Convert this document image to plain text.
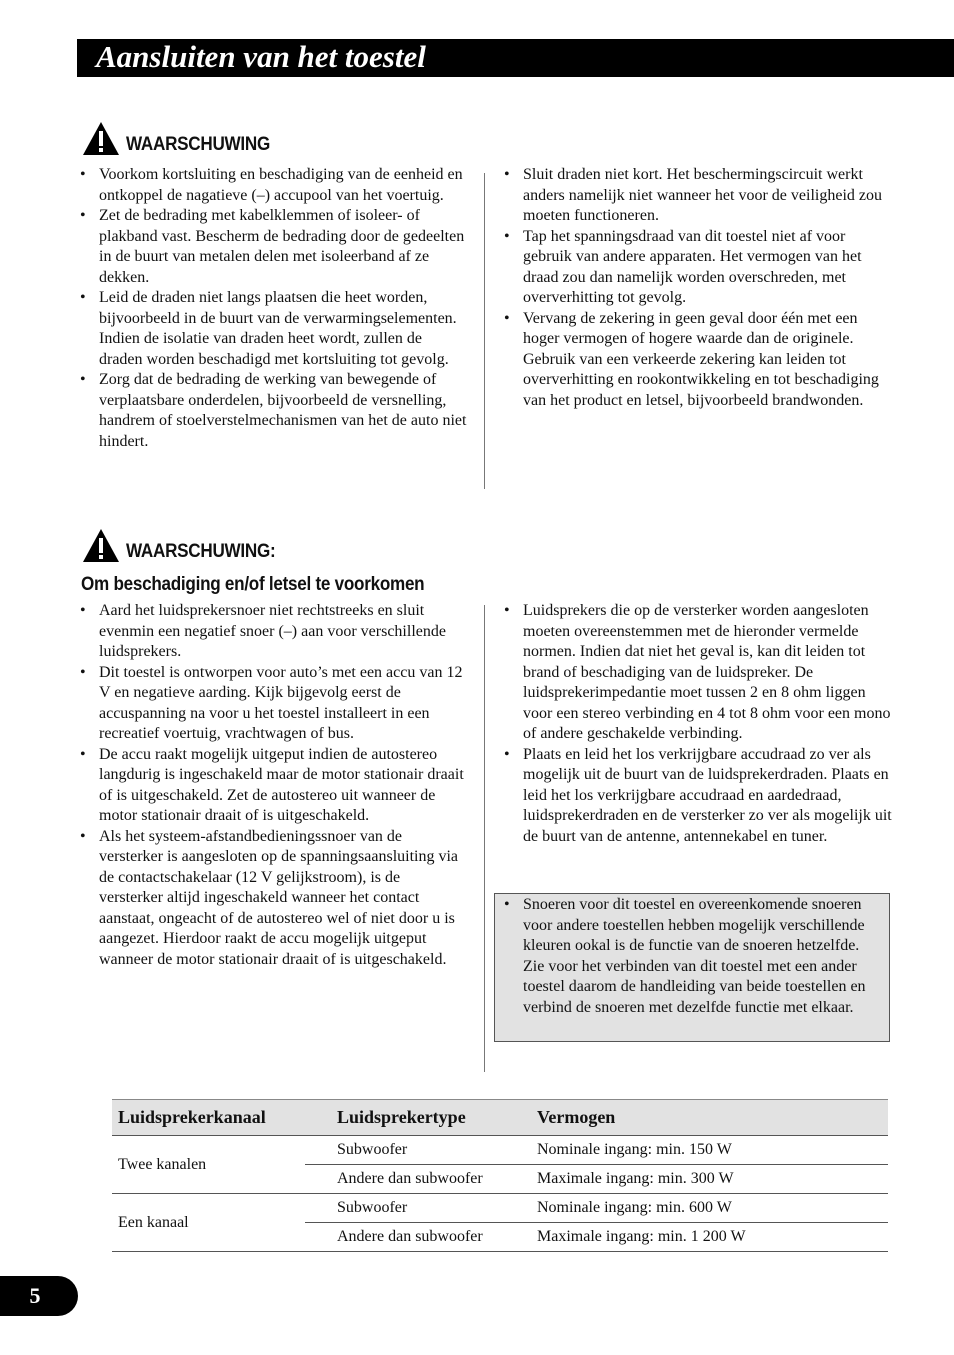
Aansluiten van het toestel
WAARSCHUWING
• Voorkom kortsluiting en beschadiging van de eenheid en ontkoppel de nagatieve (–) accupool van het voertuig.
• Zet de bedrading met kabelklemmen of isoleer- of plakband vast. Bescherm de bedrading door de gedeelten in de buurt van metalen delen met isoleerband af ze dekken.
• Leid de draden niet langs plaatsen die heet worden, bijvoorbeeld in de buurt van de verwarmingselementen. Indien de isolatie van draden heet wordt, zullen de draden worden beschadigd met kortsluiting tot gevolg.
• Zorg dat de bedrading de werking van bewegende of verplaatsbare onderdelen, bijvoorbeeld de versnelling, handrem of stoelverstelmechanismen van het de auto niet hindert.
• Sluit draden niet kort. Het beschermingscircuit werkt anders namelijk niet wanneer het voor de veiligheid zou moeten functioneren.
• Tap het spanningsdraad van dit toestel niet af voor gebruik van andere apparaten. Het vermogen van het draad zou dan namelijk worden overschreden, met oververhitting tot gevolg.
• Vervang de zekering in geen geval door één met een hoger vermogen of hogere waarde dan de originele. Gebruik van een verkeerde zekering kan leiden tot oververhitting en rookontwikkeling en tot beschadiging van het product en letsel, bijvoorbeeld brandwonden.
WAARSCHUWING:
Om beschadiging en/of letsel te voorkomen
• Aard het luidsprekersnoer niet rechtstreeks en sluit evenmin een negatief snoer (–) aan voor verschillende luidsprekers.
• Dit toestel is ontworpen voor auto’s met een accu van 12 V en negatieve aarding. Kijk bijgevolg eerst de accuspanning na voor u het toestel installeert in een recreatief voertuig, vrachtwagen of bus.
• De accu raakt mogelijk uitgeput indien de autostereo langdurig is ingeschakeld maar de motor stationair draait of is uitgeschakeld. Zet de autostereo uit wanneer de motor stationair draait of is uitgeschakeld.
• Als het systeem-afstandbedieningssnoer van de versterker is aangesloten op de spanningsaansluiting via de contactschakelaar (12 V gelijkstroom), is de versterker altijd ingeschakeld wanneer het contact aanstaat, ongeacht of de autostereo wel of niet door u is aangezet. Hierdoor raakt de accu mogelijk uitgeput wanneer de motor stationair draait of is uitgeschakeld.
• Luidsprekers die op de versterker worden aangesloten moeten overeenstemmen met de hieronder vermelde normen. Indien dat niet het geval is, kan dit leiden tot brand of beschadiging van de luidspreker. De luidsprekerimpedantie moet tussen 2 en 8 ohm liggen voor een stereo verbinding en 4 tot 8 ohm voor een mono of andere geschakelde verbinding.
• Plaats en leid het los verkrijgbare accudraad zo ver als mogelijk uit de buurt van de luidsprekerdraden. Plaats en leid het los verkrijgbare accudraad en aardedraad, luidsprekerdraden en de versterker zo ver als mogelijk uit de buurt van de antenne, antennekabel en tuner.
• Snoeren voor dit toestel en overeenkomende snoeren voor andere toestellen hebben mogelijk verschillende kleuren ookal is de functie van de snoeren hetzelfde. Zie voor het verbinden van dit toestel met een ander toestel daarom de handleiding van beide toestellen en verbind de snoeren met dezelfde functie met elkaar.
Luidsprekerkanaal	Luidsprekertype	Vermogen
Twee kanalen	Subwoofer	Nominale ingang: min. 150 W
	Andere dan subwoofer	Maximale ingang: min. 300 W
Een kanaal	Subwoofer	Nominale ingang: min. 600 W
	Andere dan subwoofer	Maximale ingang: min. 1 200 W
5
